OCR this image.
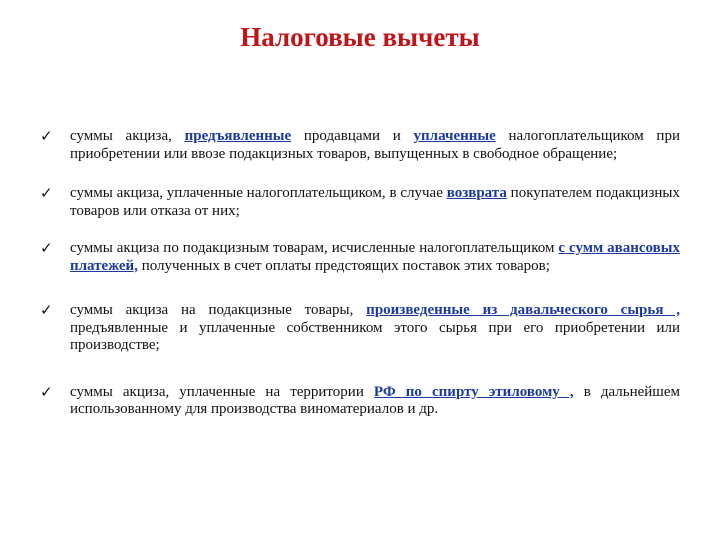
Налоговые вычеты
✓ суммы акциза, предъявленные продавцами и уплаченные налогоплательщиком при приобретении или ввозе подакцизных товаров, выпущенных в свободное обращение;
✓ суммы акциза, уплаченные налогоплательщиком, в случае возврата покупателем подакцизных товаров или отказа от них;
✓ суммы акциза по подакцизным товарам, исчисленные налогоплательщиком с сумм авансовых платежей, полученных в счет оплаты предстоящих поставок этих товаров;
✓ суммы акциза на подакцизные товары, произведенные из давальческого сырья , предъявленные и уплаченные собственником этого сырья при его приобретении или производстве;
✓ суммы акциза, уплаченные на территории РФ по спирту этиловому , в дальнейшем использованному для производства виноматериалов и др.
